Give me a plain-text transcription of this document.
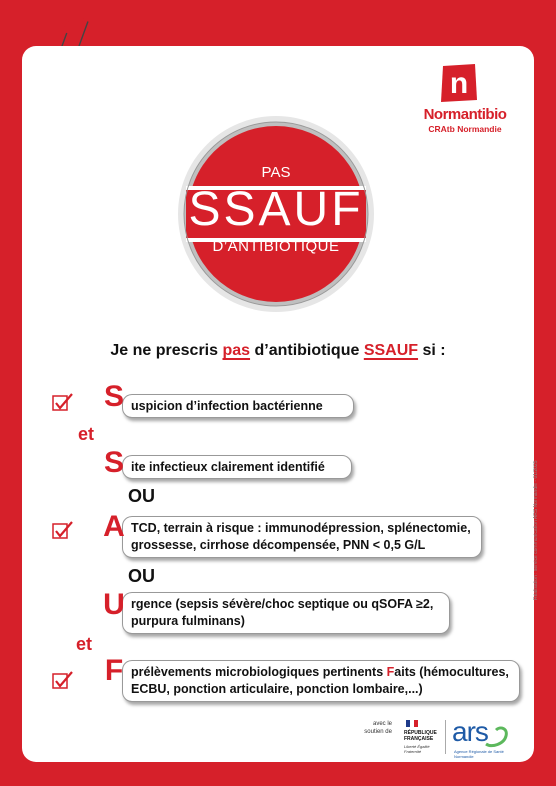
n
Normantibio
CRAtb Normandie
PAS
SSAUF
D’ANTIBIOTIQUE
Je ne prescris pas d’antibiotique SSAUF si :
S uspicion d’infection bactérienne
et
S ite infectieux clairement identifié
OU
A TCD, terrain à risque : immunodépression, splénectomie,
grossesse, cirrhose décompensée, PNN < 0,5 G/L
OU
U rgence (sepsis sévère/choc septique ou qSOFA ≥2,
purpura fulminans)
et
F prélèvements microbiologiques pertinents Faits (hémocultures,
ECBU, ponction articulaire, ponction lombaire,...)
avec le soutien de RÉPUBLIQUE
FRANÇAISE
Liberté Égalité Fraternité
ars
Agence Régionale de Santé Normandie
Réalisation : service communication ARS Normandie - 01/2025
